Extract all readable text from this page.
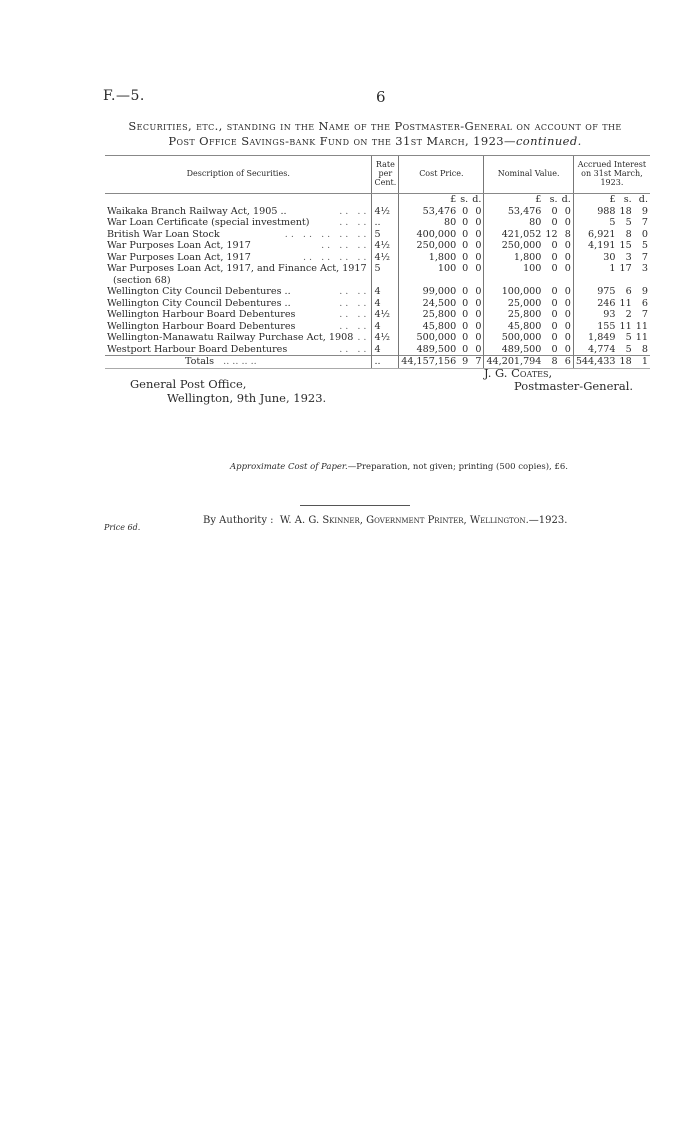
F.—5.	6
Securities, etc., standing in the Name of the Postmaster-General on account of the
Post Office Savings-bank Fund on the 31st March, 1923—continued.
Description of Securities.	Rate per Cent.	Cost Price.			Nominal Value.			Accrued Interest on 31st March, 1923.		
		£	s.	d.	£	s.	d.	£	s.	d.
Waikaka Branch Railway Act, 1905 .. .. ..	4½	53,476	0	0	53,476	0	0	988	18	9
War Loan Certificate (special investment) .. ..	..	80	0	0	80	0	0	5	5	7
British War Loan Stock .. .. .. .. ..	5	400,000	0	0	421,052	12	8	6,921	8	0
War Purposes Loan Act, 1917 .. .. ..	4½	250,000	0	0	250,000	0	0	4,191	15	5
War Purposes Loan Act, 1917 .. .. .. ..	4½	1,800	0	0	1,800	0	0	30	3	7
War Purposes Loan Act, 1917, and Finance Act, 1917	5	100	0	0	100	0	0	1	17	3
(section 68)										
Wellington City Council Debentures .. .. ..	4	99,000	0	0	100,000	0	0	975	6	9
Wellington City Council Debentures .. .. ..	4	24,500	0	0	25,000	0	0	246	11	6
Wellington Harbour Board Debentures .. ..	4½	25,800	0	0	25,800	0	0	93	2	7
Wellington Harbour Board Debentures .. ..	4	45,800	0	0	45,800	0	0	155	11	11
Wellington-Manawatu Railway Purchase Act, 1908 ..	4½	500,000	0	0	500,000	0	0	1,849	5	11
Westport Harbour Board Debentures .. ..	4	489,500	0	0	489,500	0	0	4,774	5	8
Totals .. .. .. ..	..	44,157,156	9	7	44,201,794	8	6	544,433	18	1
General Post Office,
Wellington, 9th June, 1923.
J. G. Coates,
Postmaster-General.
Approximate Cost of Paper.—Preparation, not given; printing (500 copies), £6.
By Authority : W. A. G. Skinner, Government Printer, Wellington.—1923.
Price 6d.
